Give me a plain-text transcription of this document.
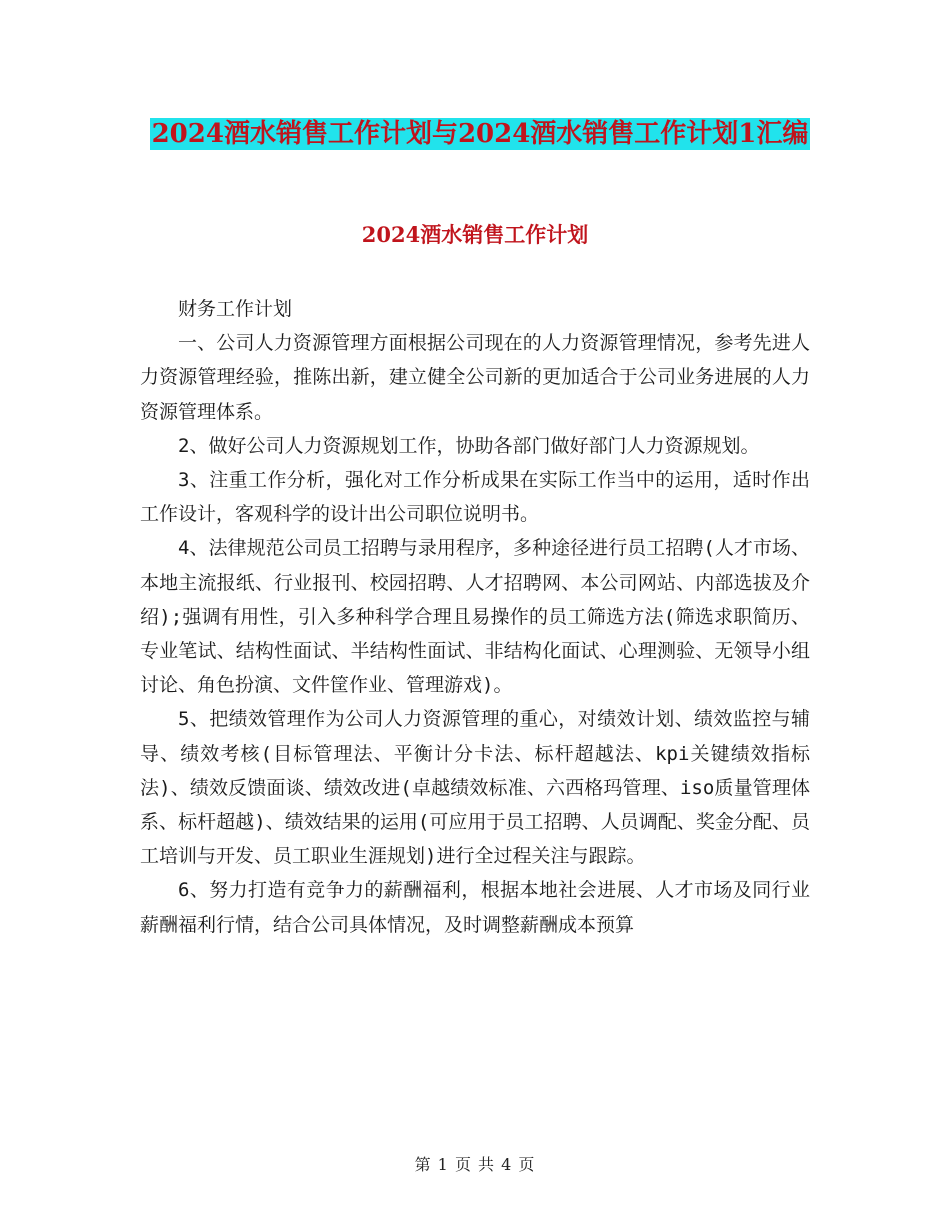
2024酒水销售工作计划与2024酒水销售工作计划1汇编
2024酒水销售工作计划

财务工作计划

一、公司人力资源管理方面根据公司现在的人力资源管理情况，参考先进人力资源管理经验，推陈出新，建立健全公司新的更加适合于公司业务进展的人力资源管理体系。

2、做好公司人力资源规划工作，协助各部门做好部门人力资源规划。

3、注重工作分析，强化对工作分析成果在实际工作当中的运用，适时作出工作设计，客观科学的设计出公司职位说明书。

4、法律规范公司员工招聘与录用程序，多种途径进行员工招聘(人才市场、本地主流报纸、行业报刊、校园招聘、人才招聘网、本公司网站、内部选拔及介绍);强调有用性，引入多种科学合理且易操作的员工筛选方法(筛选求职简历、专业笔试、结构性面试、半结构性面试、非结构化面试、心理测验、无领导小组讨论、角色扮演、文件筐作业、管理游戏)。

5、把绩效管理作为公司人力资源管理的重心，对绩效计划、绩效监控与辅导、绩效考核(目标管理法、平衡计分卡法、标杆超越法、kpi关键绩效指标法)、绩效反馈面谈、绩效改进(卓越绩效标准、六西格玛管理、iso质量管理体系、标杆超越)、绩效结果的运用(可应用于员工招聘、人员调配、奖金分配、员工培训与开发、员工职业生涯规划)进行全过程关注与跟踪。

6、努力打造有竞争力的薪酬福利，根据本地社会进展、人才市场及同行业薪酬福利行情，结合公司具体情况，及时调整薪酬成本预算

第 1 页 共 4 页
